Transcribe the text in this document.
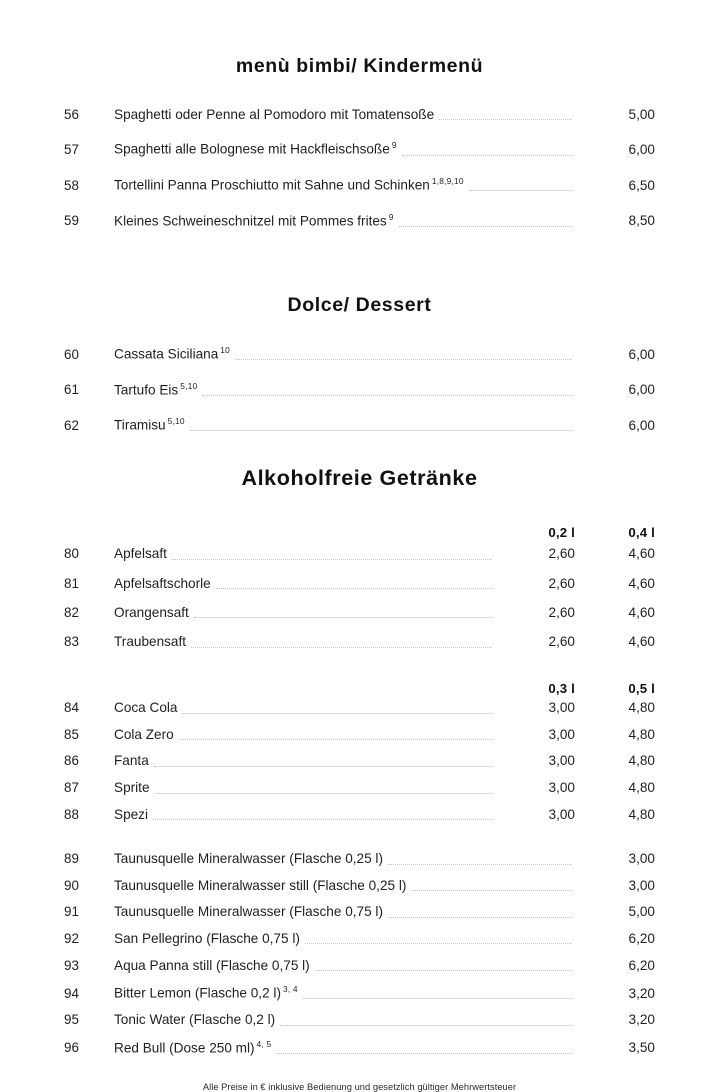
menù bimbi/ Kindermenü
56	Spaghetti oder Penne al Pomodoro mit Tomatensoße	5,00
57	Spaghetti alle Bolognese mit Hackfleischsoße $^9$	6,00
58	Tortellini Panna Proschiutto mit Sahne und Schinken $^{1,8,9,10}$	6,50
59	Kleines Schweineschnitzel mit Pommes frites $^9$	8,50
Dolce/ Dessert
60	Cassata Siciliana $^{10}$	6,00
61	Tartufo Eis $^{5,10}$	6,00
62	Tiramisu $^{5,10}$	6,00
Alkoholfreie Getränke
0,2 l	0,4 l
80	Apfelsaft	2,60	4,60
81	Apfelsaftschorle	2,60	4,60
82	Orangensaft	2,60	4,60
83	Traubensaft	2,60	4,60
0,3 l	0,5 l
84	Coca Cola	3,00	4,80
85	Cola Zero	3,00	4,80
86	Fanta	3,00	4,80
87	Sprite	3,00	4,80
88	Spezi	3,00	4,80
89	Taunusquelle Mineralwasser (Flasche 0,25 l)	3,00
90	Taunusquelle Mineralwasser still (Flasche 0,25 l)	3,00
91	Taunusquelle Mineralwasser (Flasche 0,75 l)	5,00
92	San Pellegrino (Flasche 0,75 l)	6,20
93	Aqua Panna still (Flasche 0,75 l)	6,20
94	Bitter Lemon (Flasche 0,2 l) $^{3, 4}$	3,20
95	Tonic Water (Flasche 0,2 l)	3,20
96	Red Bull (Dose 250 ml) $^{4, 5}$	3,50
Alle Preise in € inklusive Bedienung und gesetzlich gültiger Mehrwertsteuer
